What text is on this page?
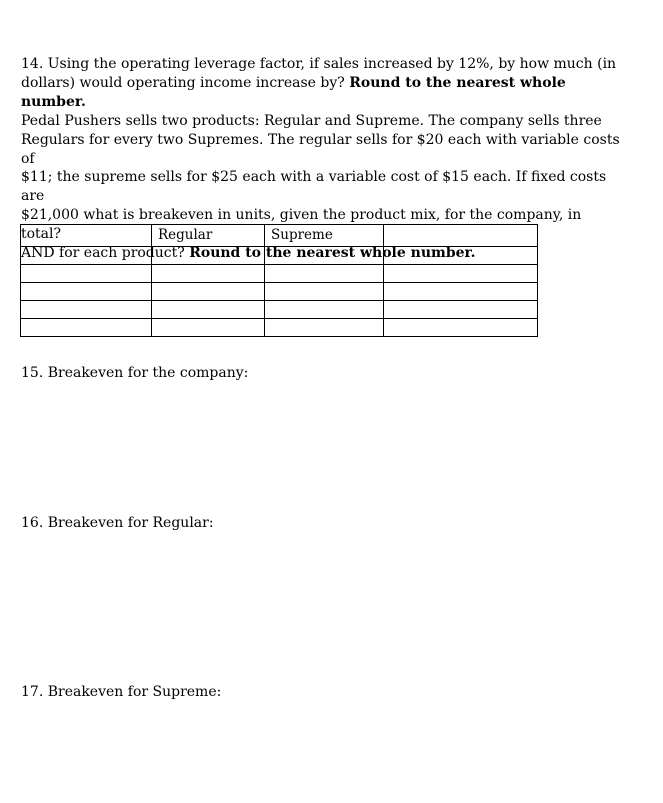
14. Using the operating leverage factor, if sales increased by 12%, by how much (in

dollars) would operating income increase by? Round to the nearest whole number.

Pedal Pushers sells two products: Regular and Supreme. The company sells three

Regulars for every two Supremes. The regular sells for $20 each with variable costs of

$11; the supreme sells for $25 each with a variable cost of $15 each. If fixed costs are

$21,000 what is breakeven in units, given the product mix, for the company, in total?

AND for each product? Round to the nearest whole number.

	Regular	Supreme	

15. Breakeven for the company:

16. Breakeven for Regular:

17. Breakeven for Supreme:
